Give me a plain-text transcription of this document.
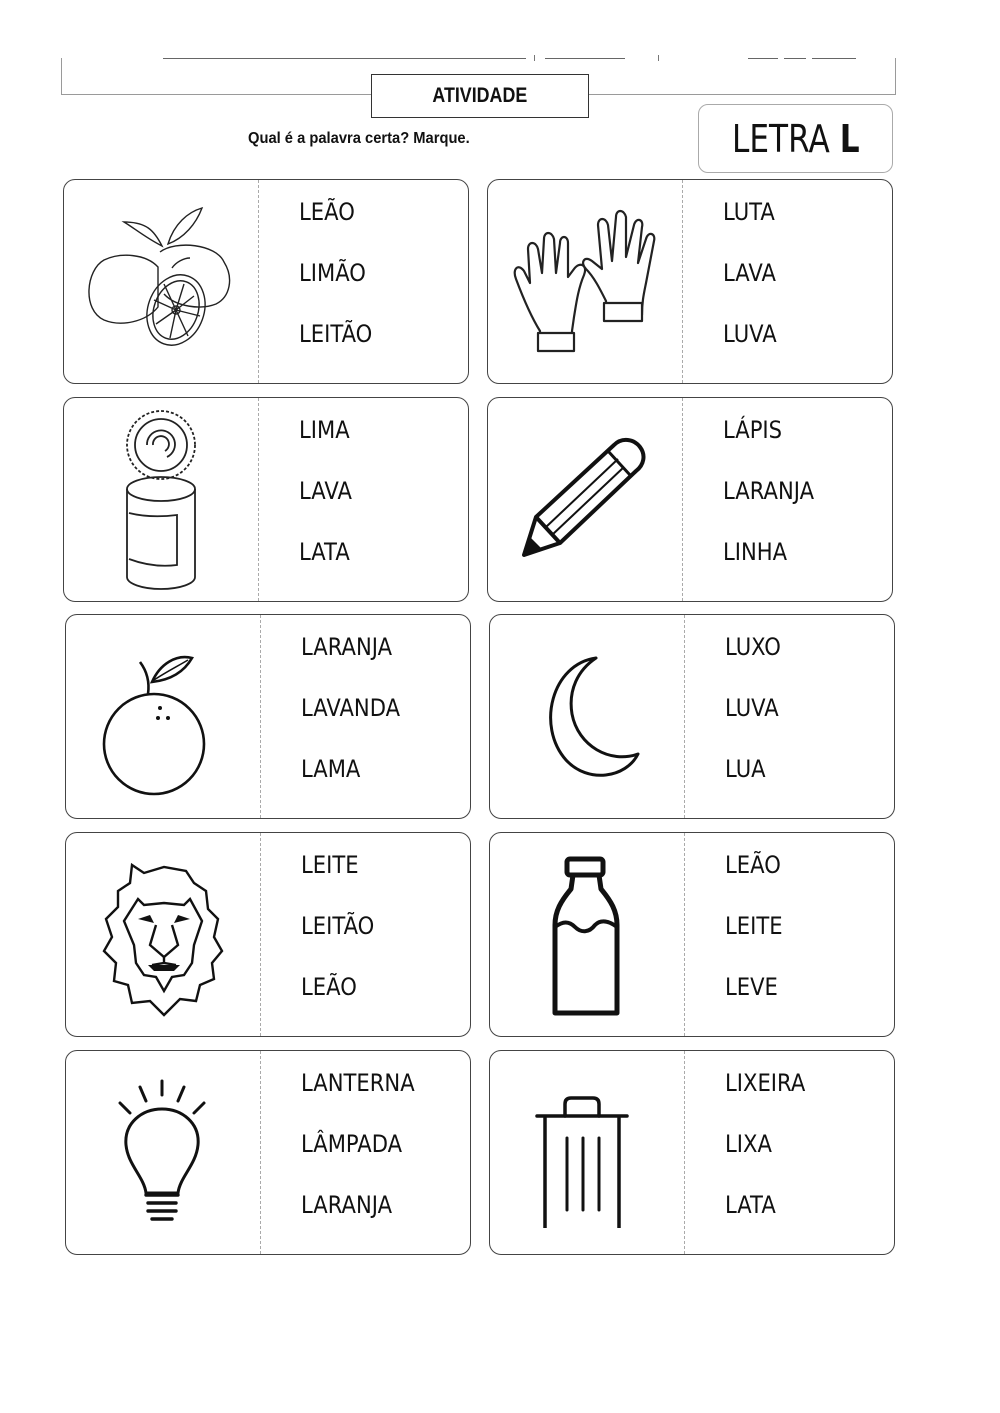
ATIVIDADE
Qual é a palavra certa? Marque.	LETRA L
LEÃO
LIMÃO
LEITÃO
LUTA
LAVA
LUVA
LIMA
LAVA
LATA
LÁPIS
LARANJA
LINHA
LARANJA
LAVANDA
LAMA
LUXO
LUVA
LUA
LEITE
LEITÃO
LEÃO
LEÃO
LEITE
LEVE
LANTERNA
LÂMPADA
LARANJA
LIXEIRA
LIXA
LATA
